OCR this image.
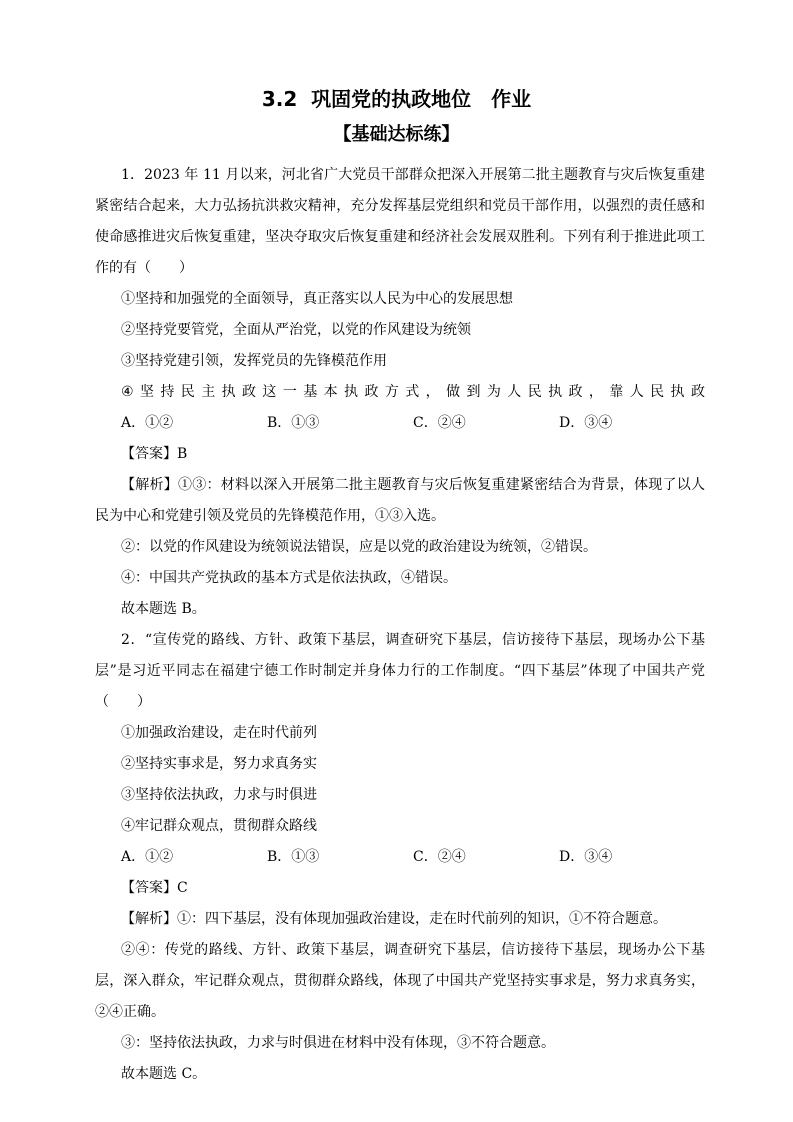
3.2  巩固党的执政地位　作业
【基础达标练】

1．2023 年 11 月以来，河北省广大党员干部群众把深入开展第二批主题教育与灾后恢复重建紧密结合起来，大力弘扬抗洪救灾精神，充分发挥基层党组织和党员干部作用，以强烈的责任感和使命感推进灾后恢复重建，坚决夺取灾后恢复重建和经济社会发展双胜利。下列有利于推进此项工作的有（　　）

①坚持和加强党的全面领导，真正落实以人民为中心的发展思想

②坚持党要管党，全面从严治党，以党的作风建设为统领

③坚持党建引领，发挥党员的先锋模范作用

④ 坚 持 民 主 执 政 这 一 基 本 执 政 方 式 ， 做 到 为 人 民 执 政 ， 靠 人 民 执 政

A．①②	B．①③	C．②④	D．③④

【答案】B

【解析】①③：材料以深入开展第二批主题教育与灾后恢复重建紧密结合为背景，体现了以人民为中心和党建引领及党员的先锋模范作用，①③入选。

②：以党的作风建设为统领说法错误，应是以党的政治建设为统领，②错误。

④：中国共产党执政的基本方式是依法执政，④错误。

故本题选 B。

2．“宣传党的路线、方针、政策下基层，调查研究下基层，信访接待下基层，现场办公下基层”是习近平同志在福建宁德工作时制定并身体力行的工作制度。“四下基层”体现了中国共产党（　　）

①加强政治建设，走在时代前列

②坚持实事求是，努力求真务实

③坚持依法执政，力求与时俱进

④牢记群众观点，贯彻群众路线

A．①②	B．①③	C．②④	D．③④

【答案】C

【解析】①：四下基层，没有体现加强政治建设，走在时代前列的知识，①不符合题意。

②④：传党的路线、方针、政策下基层，调查研究下基层，信访接待下基层，现场办公下基层，深入群众，牢记群众观点，贯彻群众路线，体现了中国共产党坚持实事求是，努力求真务实，②④正确。

③：坚持依法执政，力求与时俱进在材料中没有体现，③不符合题意。

故本题选 C。
